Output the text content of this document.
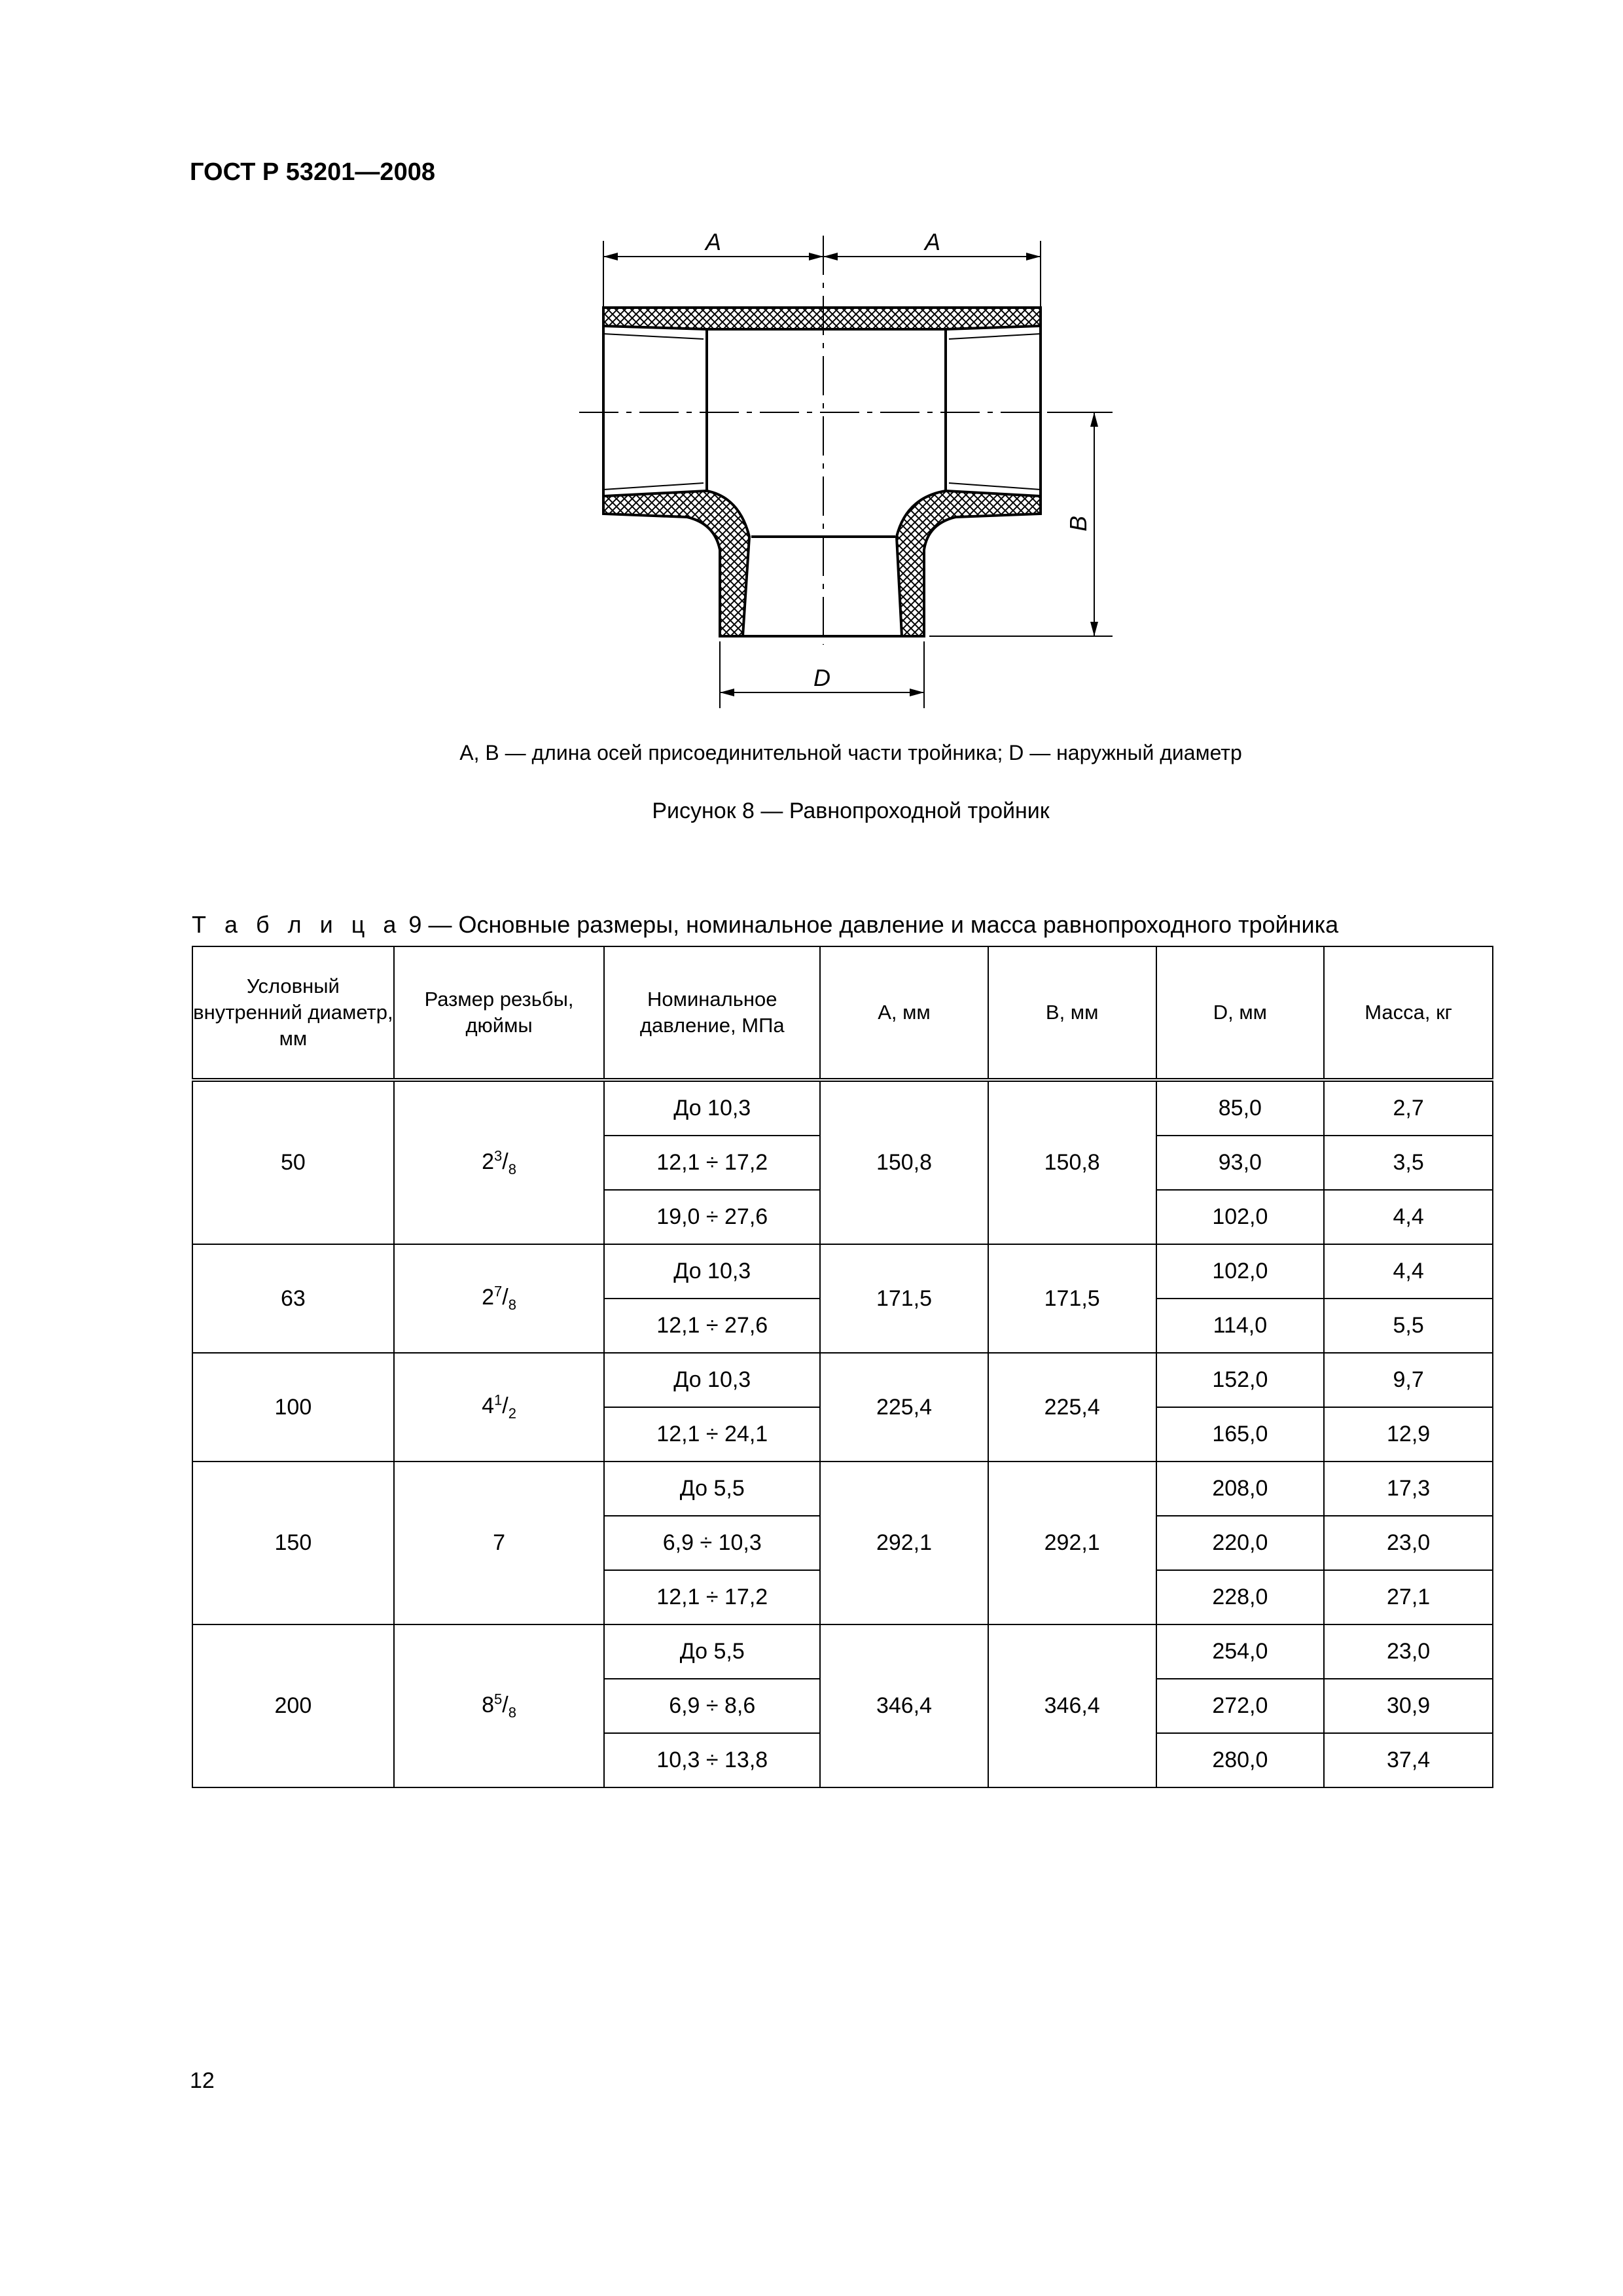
ГОСТ Р 53201—2008
A	A
B
D
A, B — длина осей присоединительной части тройника; D — наружный диаметр
Рисунок 8 — Равнопроходной тройник
Т а б л и ц а 9 — Основные размеры, номинальное давление и масса равнопроходного тройника
Условный внутренний диаметр, мм	Размер резьбы, дюймы	Номинальное давление, МПа	A, мм	B, мм	D, мм	Масса, кг
50	$2^3/_8$	До 10,3	150,8	150,8	85,0	2,7
		12,1 ÷ 17,2			93,0	3,5
		19,0 ÷ 27,6			102,0	4,4
63	$2^7/_8$	До 10,3	171,5	171,5	102,0	4,4
		12,1 ÷ 27,6			114,0	5,5
100	$4^1/_2$	До 10,3	225,4	225,4	152,0	9,7
		12,1 ÷ 24,1			165,0	12,9
150	7	До 5,5	292,1	292,1	208,0	17,3
		6,9 ÷ 10,3			220,0	23,0
		12,1 ÷ 17,2			228,0	27,1
200	$8^5/_8$	До 5,5	346,4	346,4	254,0	23,0
		6,9 ÷ 8,6			272,0	30,9
		10,3 ÷ 13,8			280,0	37,4
12
